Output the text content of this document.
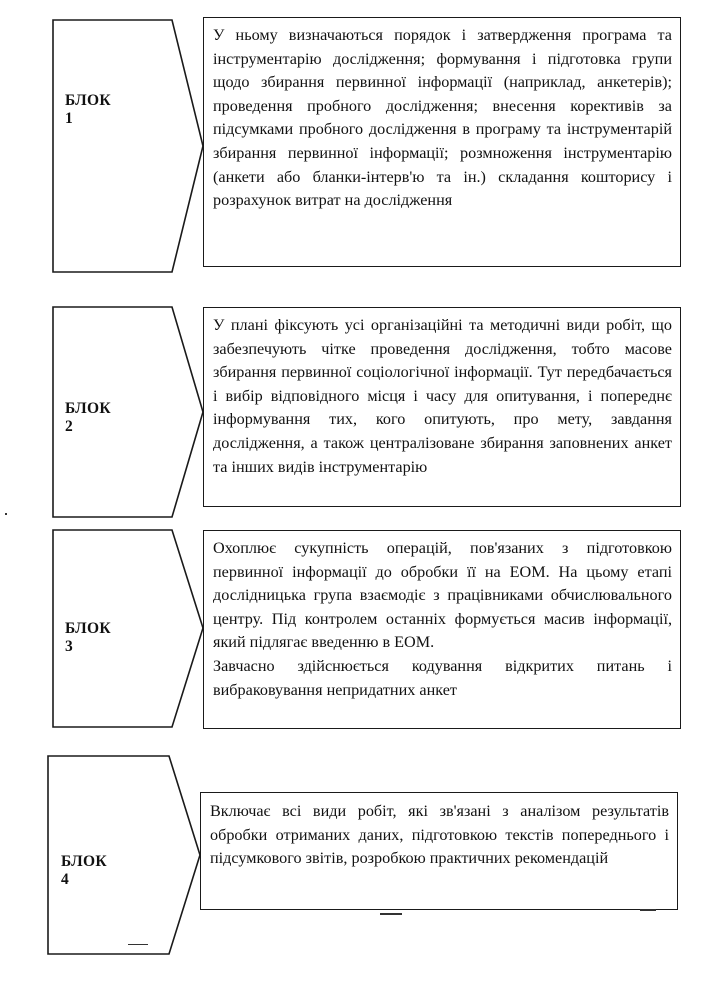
БЛОК 1

У ньому визначаються порядок і затвердження програма та інструментарію дослідження; формування і підготовка групи щодо збирання первинної інформації (наприклад, анкетерів); проведення пробного дослідження; внесення корективів за підсумками пробного дослідження в програму та інструментарій збирання первинної інформації; розмноження інструментарію (анкети або бланки-інтерв'ю та ін.) складання кошторису і розрахунок витрат на дослідження

БЛОК 2

У плані фіксують усі організаційні та методичні види робіт, що забезпечують чітке проведення дослідження, тобто масове збирання первинної соціологічної інформації. Тут передбачається і вибір відповідного місця і часу для опитування, і попереднє інформування тих, кого опитують, про мету, завдання дослідження, а також централізоване збирання заповнених анкет та інших видів інструментарію

БЛОК 3

Охоплює сукупність операцій, пов'язаних з підготовкою первинної інформації до обробки її на ЕОМ. На цьому етапі дослідницька група взаємодіє з працівниками обчислювального центру. Під контролем останніх формується масив інформації, який підлягає введенню в ЕОМ.

Завчасно здійснюється кодування відкритих питань і вибраковування непридатних анкет

БЛОК 4

Включає всі види робіт, які зв'язані з аналізом результатів обробки отриманих даних, підготовкою текстів попереднього і підсумкового звітів, розробкою практичних рекомендацій
